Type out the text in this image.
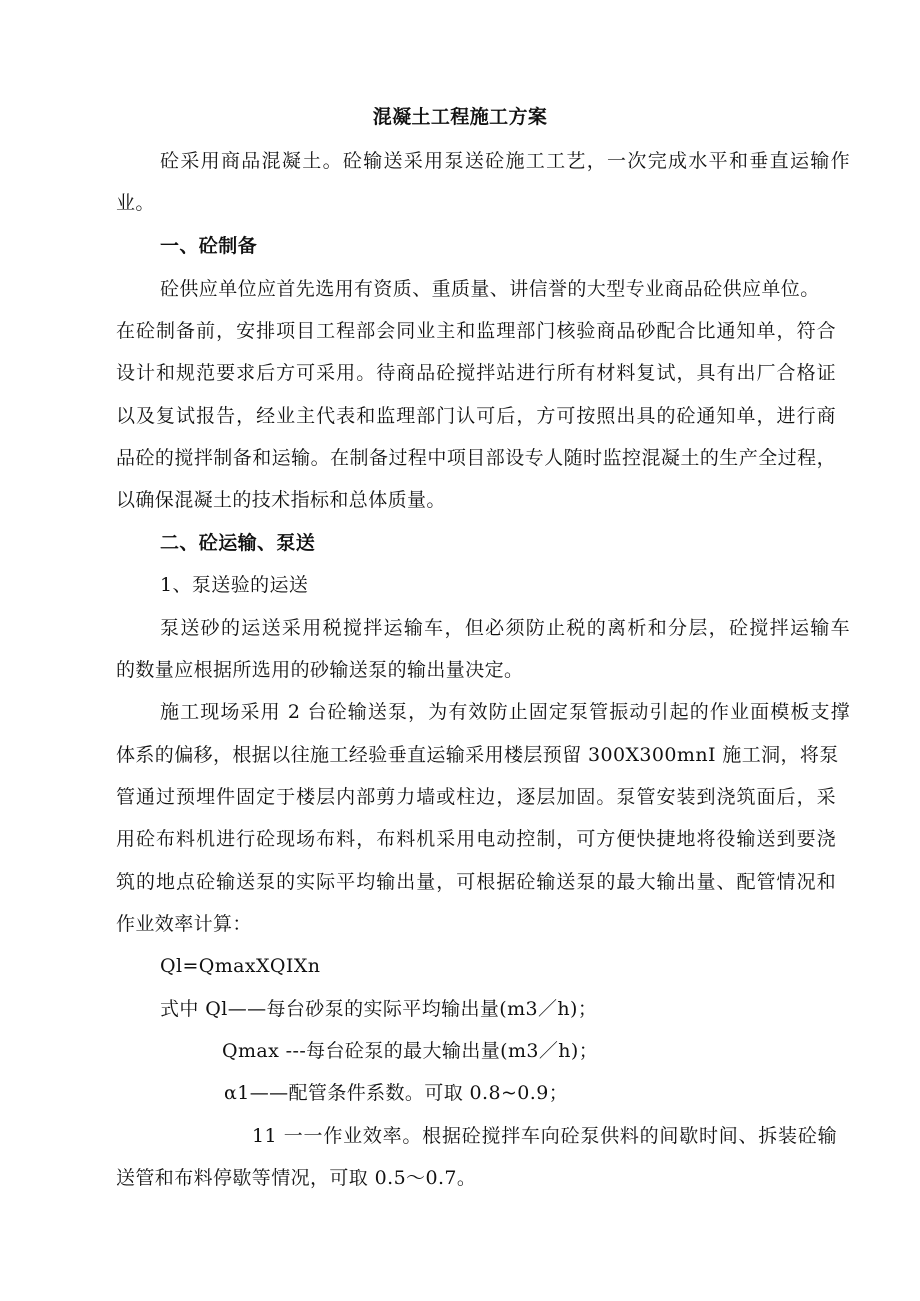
混凝土工程施工方案

砼采用商品混凝土。砼输送采用泵送砼施工工艺，一次完成水平和垂直运输作

业。

一、砼制备

砼供应单位应首先选用有资质、重质量、讲信誉的大型专业商品砼供应单位。

在砼制备前，安排项目工程部会同业主和监理部门核验商品砂配合比通知单，符合

设计和规范要求后方可采用。待商品砼搅拌站进行所有材料复试，具有出厂合格证

以及复试报告，经业主代表和监理部门认可后，方可按照出具的砼通知单，进行商

品砼的搅拌制备和运输。在制备过程中项目部设专人随时监控混凝土的生产全过程，

以确保混凝土的技术指标和总体质量。

二、砼运输、泵送

1、泵送验的运送

泵送砂的运送采用税搅拌运输车，但必须防止税的离析和分层，砼搅拌运输车

的数量应根据所选用的砂输送泵的输出量决定。

施工现场采用 2 台砼输送泵，为有效防止固定泵管振动引起的作业面模板支撑

体系的偏移，根据以往施工经验垂直运输采用楼层预留 300X300mnI 施工洞，将泵

管通过预埋件固定于楼层内部剪力墙或柱边，逐层加固。泵管安装到浇筑面后，采

用砼布料机进行砼现场布料，布料机采用电动控制，可方便快捷地将役输送到要浇

筑的地点砼输送泵的实际平均输出量，可根据砼输送泵的最大输出量、配管情况和

作业效率计算：

Ql=QmaxXQIXn

式中 Ql——每台砂泵的实际平均输出量(m3／h)；

Qmax ---每台砼泵的最大输出量(m3／h)；

α1——配管条件系数。可取 0.8~0.9；

11 一一作业效率。根据砼搅拌车向砼泵供料的间歇时间、拆装砼输

送管和布料停歇等情况，可取 0.5～0.7。
